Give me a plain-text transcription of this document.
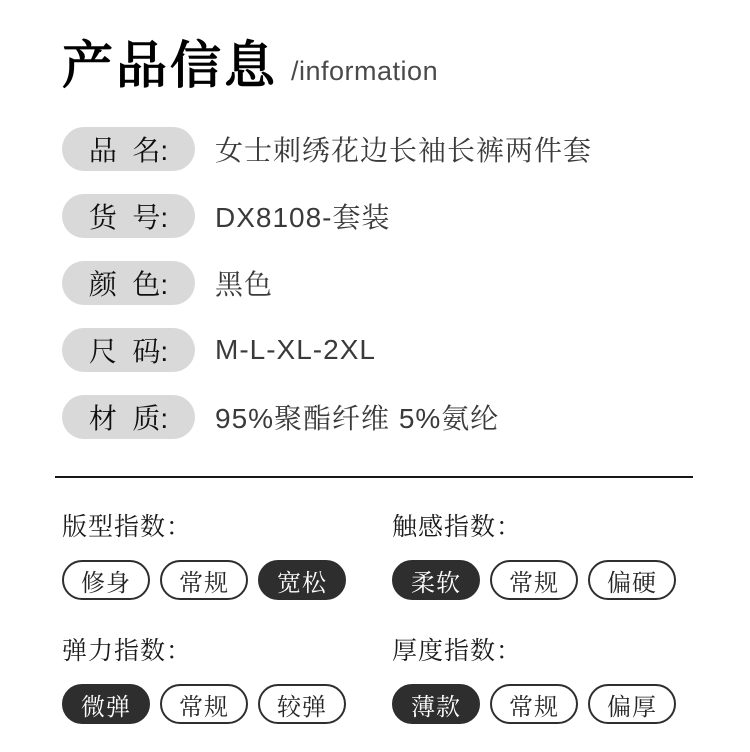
产品信息 /information
品  名:	女士刺绣花边长袖长裤两件套
货  号:	DX8108-套装
颜  色:	黑色
尺  码:	M-L-XL-2XL
材  质:	95%聚酯纤维 5%氨纶
版型指数：
修身	常规	宽松
触感指数：
柔软	常规	偏硬
弹力指数：
微弹	常规	较弹
厚度指数：
薄款	常规	偏厚
